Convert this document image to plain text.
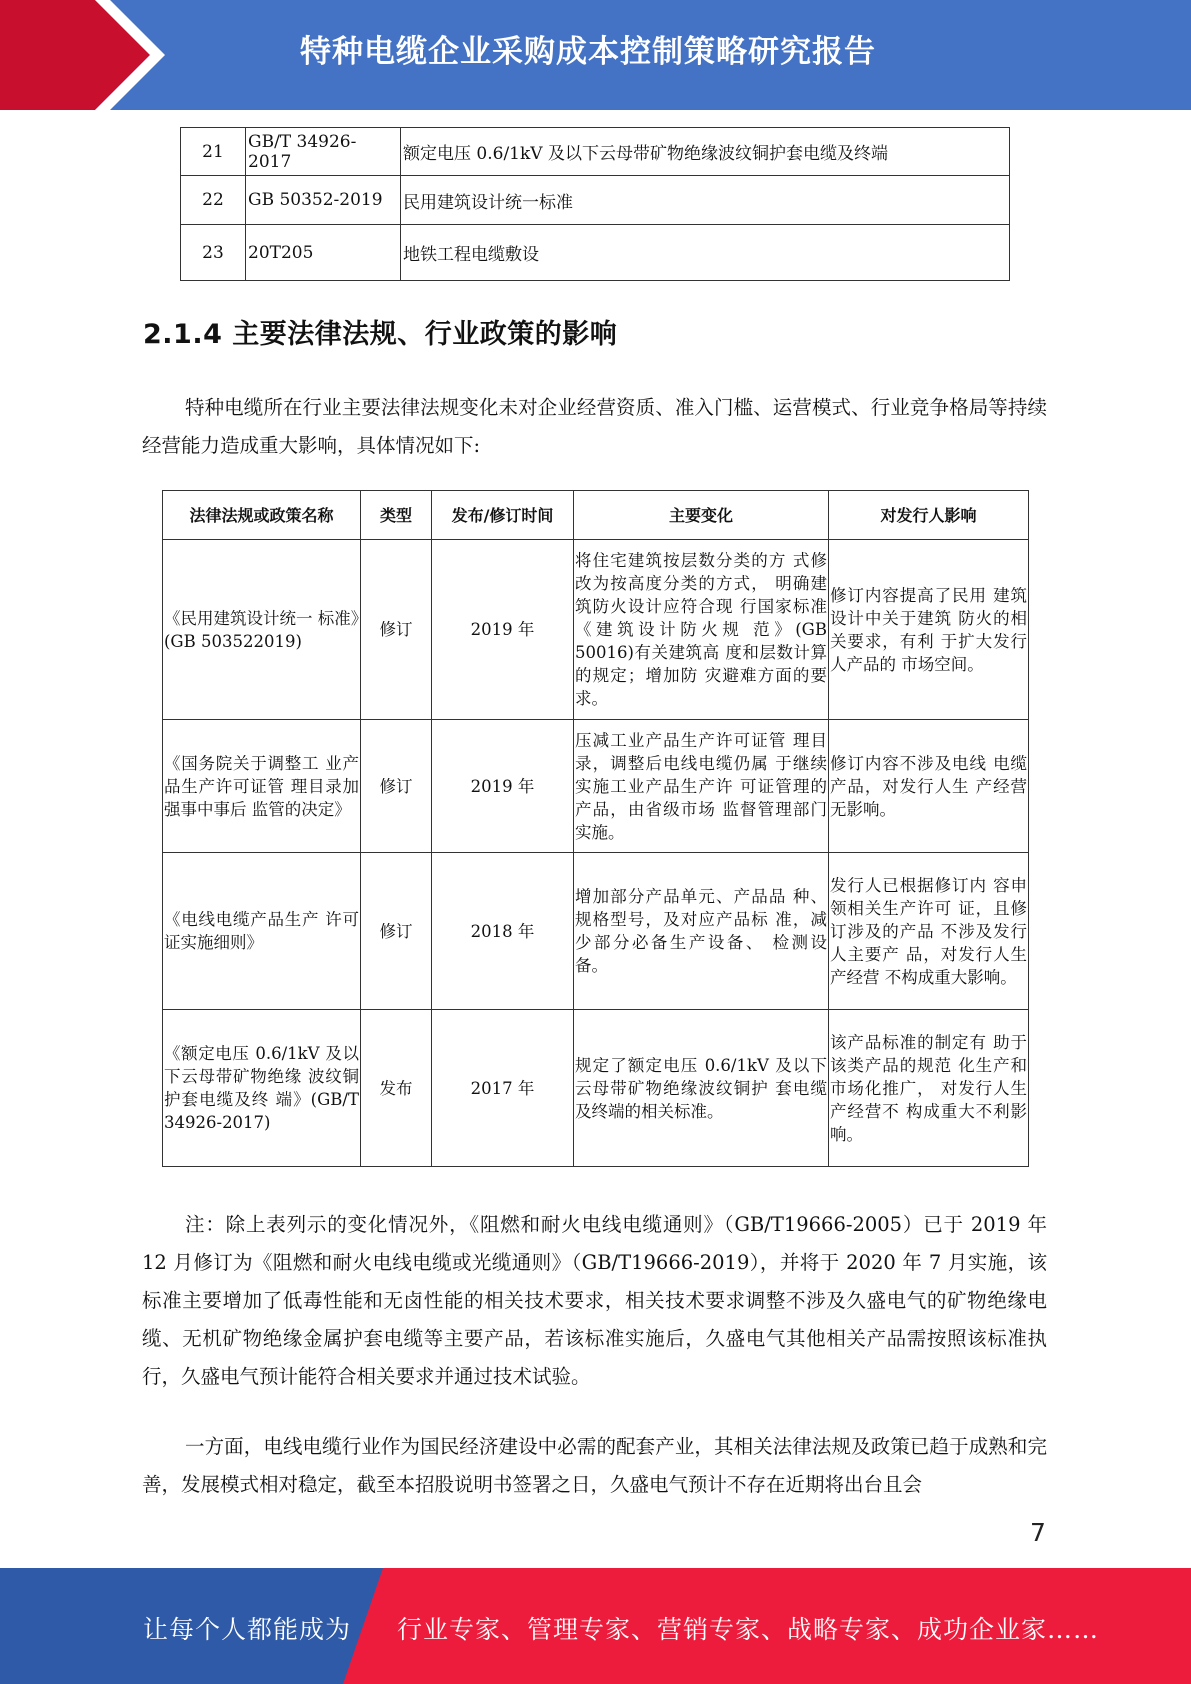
特种电缆企业采购成本控制策略研究报告
21	GB/T 34926-2017	额定电压 0.6/1kV 及以下云母带矿物绝缘波纹铜护套电缆及终端
22	GB 50352-2019	民用建筑设计统一标准
23	20T205	地铁工程电缆敷设
2.1.4 主要法律法规、行业政策的影响

特种电缆所在行业主要法律法规变化未对企业经营资质、准入门槛、运营模式、行业竞争格局等持续经营能力造成重大影响，具体情况如下:

法律法规或政策名称	类型	发布/修订时间	主要变化	对发行人影响
《民用建筑设计统一 标准》(GB 503522019)	修订	2019 年	将住宅建筑按层数分类的方 式修改为按高度分类的方式， 明确建筑防火设计应符合现 行国家标准《建筑设计防火规 范》(GB 50016)有关建筑高 度和层数计算的规定；增加防 灾避难方面的要求。	修订内容提高了民用 建筑设计中关于建筑 防火的相关要求，有利 于扩大发行人产品的 市场空间。
《国务院关于调整工 业产品生产许可证管 理目录加强事中事后 监管的决定》	修订	2019 年	压减工业产品生产许可证管 理目录，调整后电线电缆仍属 于继续实施工业产品生产许 可证管理的产品，由省级市场 监督管理部门实施。	修订内容不涉及电线 电缆产品，对发行人生 产经营无影响。
《电线电缆产品生产 许可证实施细则》	修订	2018 年	增加部分产品单元、产品品 种、规格型号，及对应产品标 准，减少部分必备生产设备、 检测设备。	发行人已根据修订内 容申领相关生产许可 证，且修订涉及的产品 不涉及发行人主要产 品，对发行人生产经营 不构成重大影响。
《额定电压 0.6/1kV 及以下云母带矿物绝缘 波纹铜护套电缆及终 端》(GB/T 34926-2017)	发布	2017 年	规定了额定电压 0.6/1kV 及以下云母带矿物绝缘波纹铜护 套电缆及终端的相关标准。	该产品标准的制定有 助于该类产品的规范 化生产和市场化推广， 对发行人生产经营不 构成重大不利影响。

注：除上表列示的变化情况外，《阻燃和耐火电线电缆通则》（GB/T19666-2005）已于 2019 年 12 月修订为《阻燃和耐火电线电缆或光缆通则》（GB/T19666-2019），并将于 2020 年 7 月实施，该标准主要增加了低毒性能和无卤性能的相关技术要求，相关技术要求调整不涉及久盛电气的矿物绝缘电缆、无机矿物绝缘金属护套电缆等主要产品，若该标准实施后，久盛电气其他相关产品需按照该标准执行，久盛电气预计能符合相关要求并通过技术试验。

一方面，电线电缆行业作为国民经济建设中必需的配套产业，其相关法律法规及政策已趋于成熟和完善，发展模式相对稳定，截至本招股说明书签署之日，久盛电气预计不存在近期将出台且会

7
让每个人都能成为 行业专家、管理专家、营销专家、战略专家、成功企业家……
